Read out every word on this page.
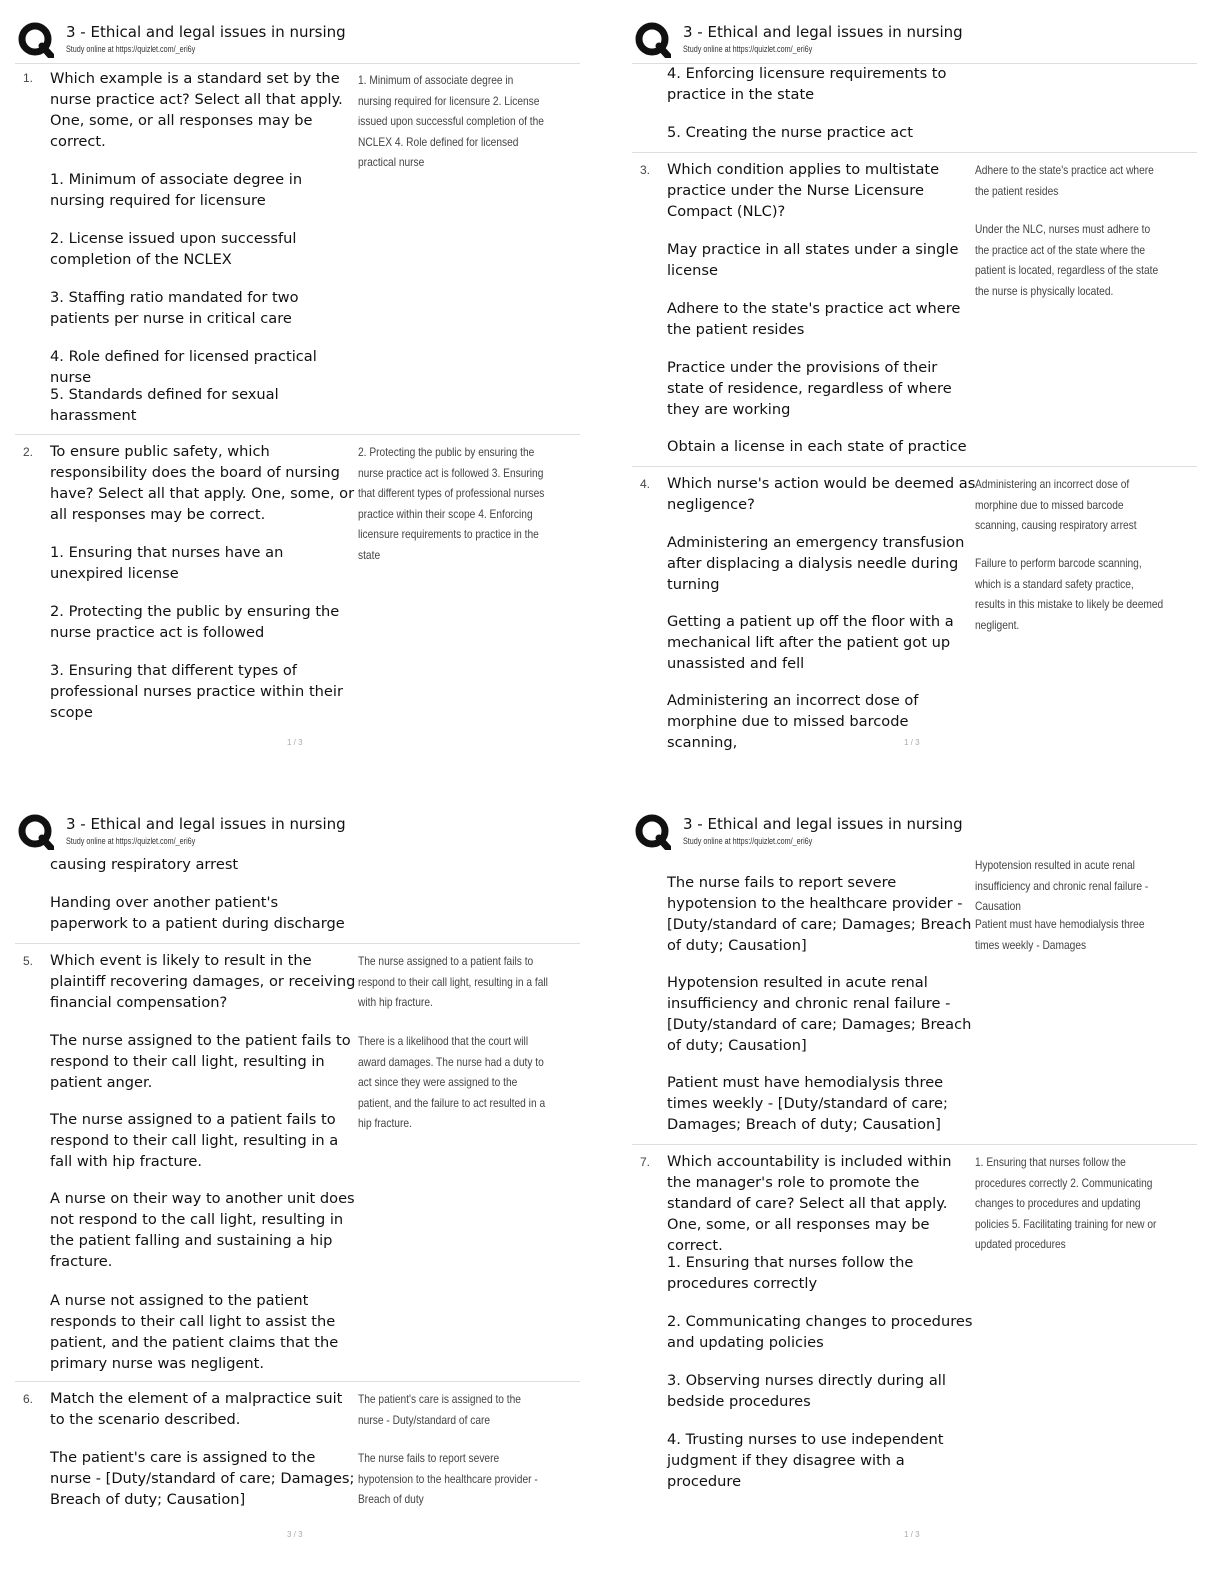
3 - Ethical and legal issues in nursing
Study online at https://quizlet.com/_eri6y
1. Which example is a standard set by the nurse practice act? Select all that apply. One, some, or all responses may be correct.
1. Minimum of associate degree in nursing required for licensure 2. License issued upon successful completion of the NCLEX 4. Role defined for licensed practical nurse
1. Minimum of associate degree in nursing required for licensure
2. License issued upon successful completion of the NCLEX
3. Staffing ratio mandated for two patients per nurse in critical care
4. Role defined for licensed practical nurse
5. Standards defined for sexual harassment
2. To ensure public safety, which responsibility does the board of nursing have? Select all that apply. One, some, or all responses may be correct.
2. Protecting the public by ensuring the nurse practice act is followed 3. Ensuring that different types of professional nurses practice within their scope 4. Enforcing licensure requirements to practice in the state
1. Ensuring that nurses have an unexpired license
2. Protecting the public by ensuring the nurse practice act is followed
3. Ensuring that different types of professional nurses practice within their scope
1 / 3
3 - Ethical and legal issues in nursing
Study online at https://quizlet.com/_eri6y
4. Enforcing licensure requirements to practice in the state
5. Creating the nurse practice act
3. Which condition applies to multistate practice under the Nurse Licensure Compact (NLC)?
Adhere to the state's practice act where the patient resides
Under the NLC, nurses must adhere to the practice act of the state where the patient is located, regardless of the state the nurse is physically located.
May practice in all states under a single license
Adhere to the state's practice act where the patient resides
Practice under the provisions of their state of residence, regardless of where they are working
Obtain a license in each state of practice
4. Which nurse's action would be deemed as negligence?
Administering an incorrect dose of morphine due to missed barcode scanning, causing respiratory arrest
Failure to perform barcode scanning, which is a standard safety practice, results in this mistake to likely be deemed negligent.
Administering an emergency transfusion after displacing a dialysis needle during turning
Getting a patient up off the floor with a mechanical lift after the patient got up unassisted and fell
Administering an incorrect dose of morphine due to missed barcode scanning,	1 / 3
3 - Ethical and legal issues in nursing
Study online at https://quizlet.com/_eri6y
causing respiratory arrest
Handing over another patient's paperwork to a patient during discharge
5. Which event is likely to result in the plaintiff recovering damages, or receiving financial compensation?
The nurse assigned to a patient fails to respond to their call light, resulting in a fall with hip fracture.
There is a likelihood that the court will award damages. The nurse had a duty to act since they were assigned to the patient, and the failure to act resulted in a hip fracture.
The nurse assigned to the patient fails to respond to their call light, resulting in patient anger.
The nurse assigned to a patient fails to respond to their call light, resulting in a fall with hip fracture.
A nurse on their way to another unit does not respond to the call light, resulting in the patient falling and sustaining a hip fracture.
A nurse not assigned to the patient responds to their call light to assist the patient, and the patient claims that the primary nurse was negligent.
6. Match the element of a malpractice suit to the scenario described.
The patient's care is assigned to the nurse - Duty/standard of care
The nurse fails to report severe hypotension to the healthcare provider - Breach of duty
The patient's care is assigned to the nurse - [Duty/standard of care; Damages; Breach of duty; Causation]
3 / 3
3 - Ethical and legal issues in nursing
Study online at https://quizlet.com/_eri6y
Hypotension resulted in acute renal insufficiency and chronic renal failure - Causation
Patient must have hemodialysis three times weekly - Damages
The nurse fails to report severe hypotension to the healthcare provider - [Duty/standard of care; Damages; Breach of duty; Causation]
Hypotension resulted in acute renal insufficiency and chronic renal failure - [Duty/standard of care; Damages; Breach of duty; Causation]
Patient must have hemodialysis three times weekly - [Duty/standard of care; Damages; Breach of duty; Causation]
7. Which accountability is included within the manager's role to promote the standard of care? Select all that apply. One, some, or all responses may be correct.
1. Ensuring that nurses follow the procedures correctly 2. Communicating changes to procedures and updating policies 5. Facilitating training for new or updated procedures
1. Ensuring that nurses follow the procedures correctly
2. Communicating changes to procedures and updating policies
3. Observing nurses directly during all bedside procedures
4. Trusting nurses to use independent judgment if they disagree with a procedure
1 / 3
